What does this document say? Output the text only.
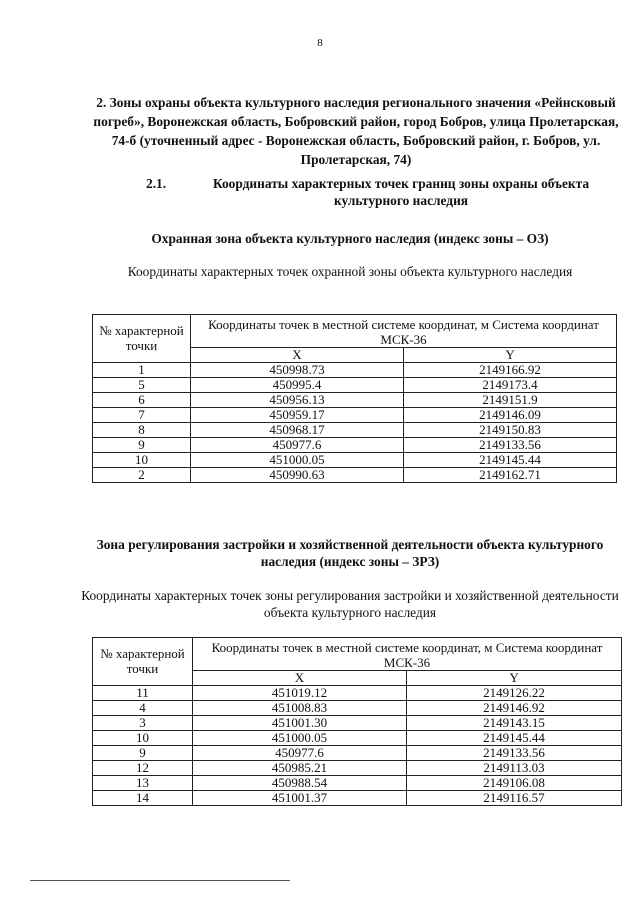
8
2. Зоны охраны объекта культурного наследия регионального значения «Рейнсковый погреб», Воронежская область, Бобровский район, город Бобров, улица Пролетарская, 74-б (уточненный адрес - Воронежская область, Бобровский район, г. Бобров, ул. Пролетарская, 74)
2.1.	Координаты характерных точек границ зоны охраны объекта культурного наследия
Охранная зона объекта культурного наследия (индекс зоны – ОЗ)
Координаты характерных точек охранной зоны объекта культурного наследия
№ характерной точки	Координаты точек в местной системе координат, м Система координат МСК-36	
	X	Y
1	450998.73	2149166.92
5	450995.4	2149173.4
6	450956.13	2149151.9
7	450959.17	2149146.09
8	450968.17	2149150.83
9	450977.6	2149133.56
10	451000.05	2149145.44
2	450990.63	2149162.71
Зона регулирования застройки и хозяйственной деятельности объекта культурного наследия (индекс зоны – ЗРЗ)
Координаты характерных точек зоны регулирования застройки и хозяйственной деятельности объекта культурного наследия
№ характерной точки	Координаты точек в местной системе координат, м Система координат МСК-36	
	X	Y
11	451019.12	2149126.22
4	451008.83	2149146.92
3	451001.30	2149143.15
10	451000.05	2149145.44
9	450977.6	2149133.56
12	450985.21	2149113.03
13	450988.54	2149106.08
14	451001.37	2149116.57
